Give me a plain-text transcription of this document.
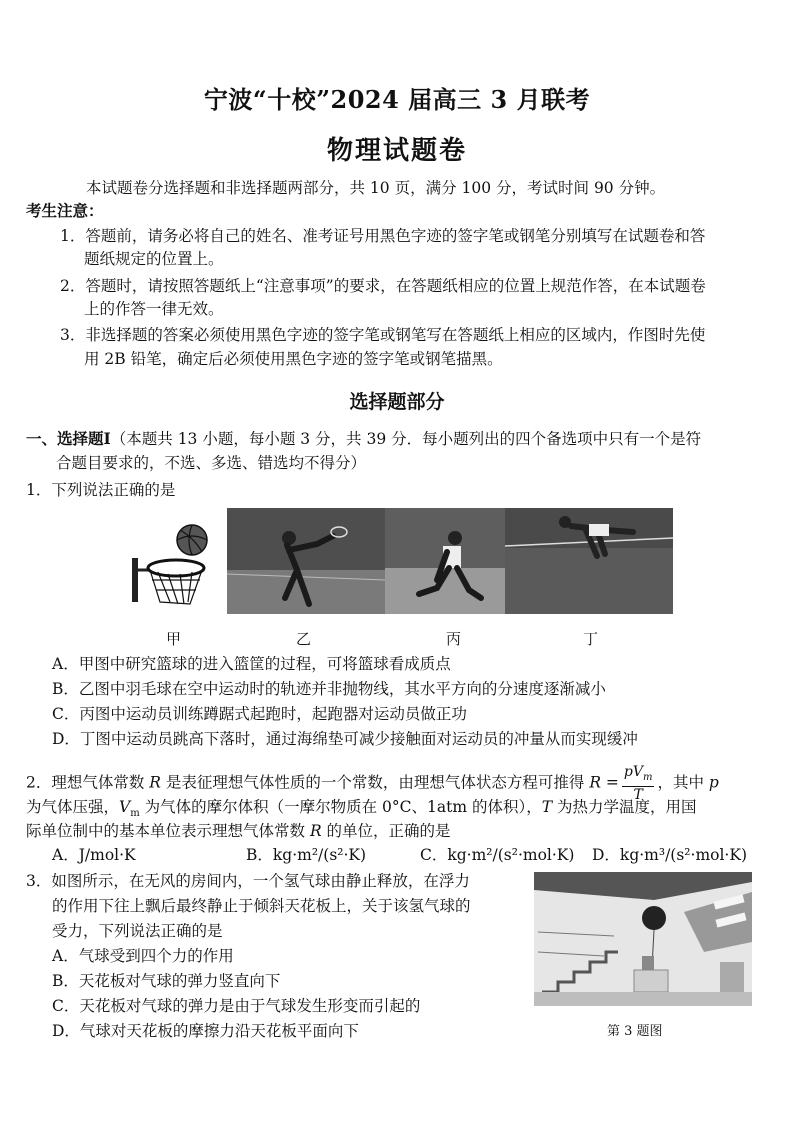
宁波“十校”2024 届高三 3 月联考
物理试题卷
本试题卷分选择题和非选择题两部分，共 10 页，满分 100 分，考试时间 90 分钟。
考生注意：
1．答题前，请务必将自己的姓名、准考证号用黑色字迹的签字笔或钢笔分别填写在试题卷和答
题纸规定的位置上。
2．答题时，请按照答题纸上“注意事项”的要求，在答题纸相应的位置上规范作答，在本试题卷
上的作答一律无效。
3．非选择题的答案必须使用黑色字迹的签字笔或钢笔写在答题纸上相应的区域内，作图时先使
用 2B 铅笔，确定后必须使用黑色字迹的签字笔或钢笔描黑。
选择题部分
一、选择题Ⅰ（本题共 13 小题，每小题 3 分，共 39 分．每小题列出的四个备选项中只有一个是符
合题目要求的，不选、多选、错选均不得分）
1．下列说法正确的是
甲	乙	丙	丁
A．甲图中研究篮球的进入篮筐的过程，可将篮球看成质点
B．乙图中羽毛球在空中运动时的轨迹并非抛物线，其水平方向的分速度逐渐减小
C．丙图中运动员训练蹲踞式起跑时，起跑器对运动员做正功
D．丁图中运动员跳高下落时，通过海绵垫可减少接触面对运动员的冲量从而实现缓冲
2．理想气体常数 R 是表征理想气体性质的一个常数，由理想气体状态方程可推得 $R = \frac{pV_m}{T}$ ，其中 p
为气体压强，$V_m$ 为气体的摩尔体积（一摩尔物质在 0°C、1atm 的体积），T 为热力学温度，用国
际单位制中的基本单位表示理想气体常数 R 的单位，正确的是
A．J/mol·K	B．kg·m²/(s²·K)	C．kg·m²/(s²·mol·K) D．kg·m³/(s²·mol·K)
3．如图所示，在无风的房间内，一个氢气球由静止释放，在浮力
的作用下往上飘后最终静止于倾斜天花板上，关于该氢气球的
受力，下列说法正确的是
A．气球受到四个力的作用
B．天花板对气球的弹力竖直向下
C．天花板对气球的弹力是由于气球发生形变而引起的
D．气球对天花板的摩擦力沿天花板平面向下	第 3 题图
